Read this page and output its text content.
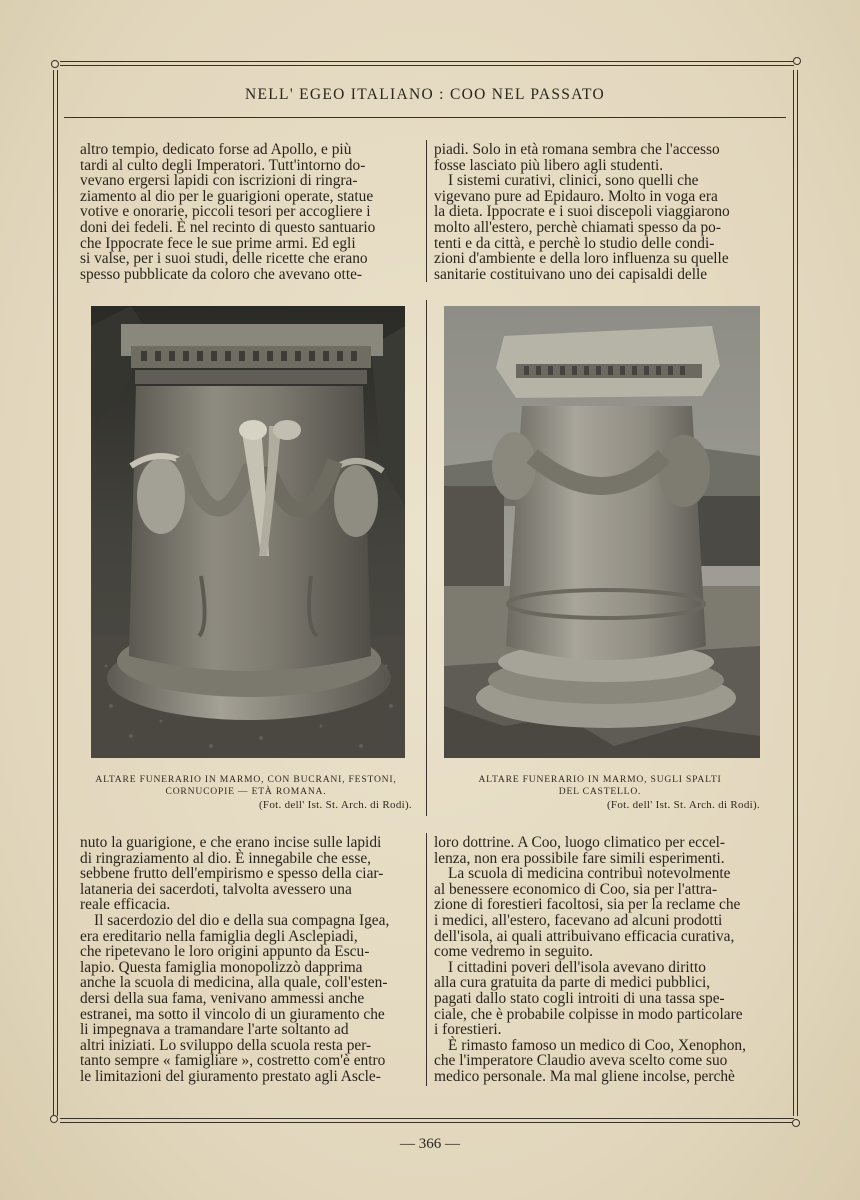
NELL' EGEO ITALIANO : COO NEL PASSATO

altro tempio, dedicato forse ad Apollo, e più

tardi al culto degli Imperatori. Tutt'intorno do-

vevano ergersi lapidi con iscrizioni di ringra-

ziamento al dio per le guarigioni operate, statue

votive e onorarie, piccoli tesori per accogliere i

doni dei fedeli. È nel recinto di questo santuario

che Ippocrate fece le sue prime armi. Ed egli

si valse, per i suoi studi, delle ricette che erano

spesso pubblicate da coloro che avevano otte-

piadi. Solo in età romana sembra che l'accesso

fosse lasciato più libero agli studenti.

I sistemi curativi, clinici, sono quelli che

vigevano pure ad Epidauro. Molto in voga era

la dieta. Ippocrate e i suoi discepoli viaggiarono

molto all'estero, perchè chiamati spesso da po-

tenti e da città, e perchè lo studio delle condi-

zioni d'ambiente e della loro influenza su quelle

sanitarie costituivano uno dei capisaldi delle

ALTARE FUNERARIO IN MARMO, CON BUCRANI, FESTONI,
CORNUCOPIE — ETÀ ROMANA.
(Fot. dell' Ist. St. Arch. di Rodi).
ALTARE FUNERARIO IN MARMO, SUGLI SPALTI
DEL CASTELLO.
(Fot. dell' Ist. St. Arch. di Rodi).

nuto la guarigione, e che erano incise sulle lapidi

di ringraziamento al dio. È innegabile che esse,

sebbene frutto dell'empirismo e spesso della ciar-

lataneria dei sacerdoti, talvolta avessero una

reale efficacia.

Il sacerdozio del dio e della sua compagna Igea,

era ereditario nella famiglia degli Asclepiadi,

che ripetevano le loro origini appunto da Escu-

lapio. Questa famiglia monopolizzò dapprima

anche la scuola di medicina, alla quale, coll'esten-

dersi della sua fama, venivano ammessi anche

estranei, ma sotto il vincolo di un giuramento che

li impegnava a tramandare l'arte soltanto ad

altri iniziati. Lo sviluppo della scuola resta per-

tanto sempre « famigliare », costretto com'è entro

le limitazioni del giuramento prestato agli Ascle-

loro dottrine. A Coo, luogo climatico per eccel-

lenza, non era possibile fare simili esperimenti.

La scuola di medicina contribuì notevolmente

al benessere economico di Coo, sia per l'attra-

zione di forestieri facoltosi, sia per la reclame che

i medici, all'estero, facevano ad alcuni prodotti

dell'isola, ai quali attribuivano efficacia curativa,

come vedremo in seguito.

I cittadini poveri dell'isola avevano diritto

alla cura gratuita da parte di medici pubblici,

pagati dallo stato cogli introiti di una tassa spe-

ciale, che è probabile colpisse in modo particolare

i forestieri.

È rimasto famoso un medico di Coo, Xenophon,

che l'imperatore Claudio aveva scelto come suo

medico personale. Ma mal gliene incolse, perchè

— 366 —
